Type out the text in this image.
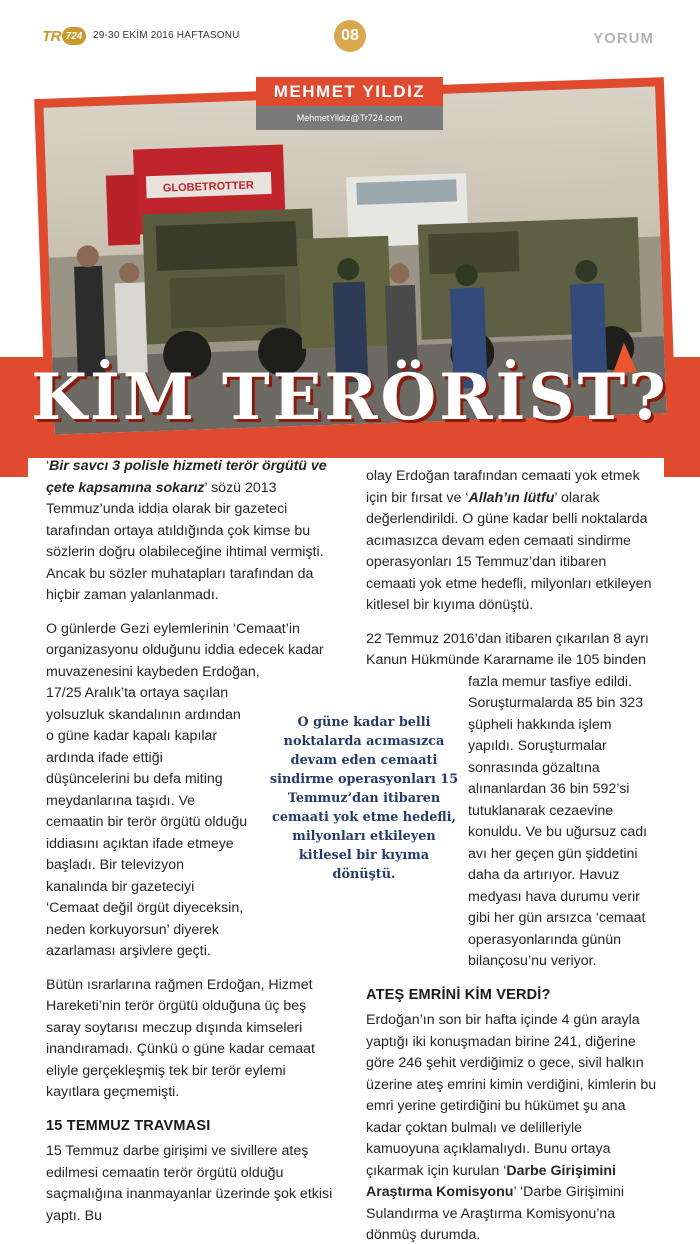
TR 724	29-30 EKİM 2016 HAFTASONU	08	YORUM
GLOBETROTTER
MEHMET YILDIZ
MehmetYildiz@Tr724.com
KİM TERÖRİST?

‘Bir savcı 3 polisle hizmeti terör örgütü ve çete kapsamına sokarız’ sözü 2013 Temmuz’unda iddia olarak bir gazeteci tarafından ortaya atıldığında çok kimse bu sözlerin doğru olabileceğine ihtimal vermişti. Ancak bu sözler muhatapları tarafından da hiçbir zaman yalanlanmadı.

O günlerde Gezi eylemlerinin ‘Cemaat’in organizasyonu olduğunu iddia edecek kadar muvazenesini kaybeden Erdoğan,

17/25 Aralık’ta ortaya saçılan yolsuzluk skandalının ardından o güne kadar kapalı kapılar ardında ifade ettiği düşüncelerini bu defa miting meydanlarına taşıdı. Ve cemaatin bir terör örgütü olduğu iddiasını açıktan ifade etmeye başladı. Bir televizyon kanalında bir gazeteciyi ‘Cemaat değil örgüt diyeceksin, neden korkuyorsun’ diyerek azarlaması arşivlere geçti.

Bütün ısrarlarına rağmen Erdoğan, Hizmet Hareketi’nin terör örgütü olduğuna üç beş saray soytarısı meczup dışında kimseleri inandıramadı. Çünkü o güne kadar cemaat eliyle gerçekleşmiş tek bir terör eylemi kayıtlara geçmemişti.

15 TEMMUZ TRAVMASI

15 Temmuz darbe girişimi ve sivillere ateş edilmesi cemaatin terör örgütü olduğu saçmalığına inanmayanlar üzerinde şok etkisi yaptı. Bu

O güne kadar belli noktalarda acımasızca devam eden cemaati sindirme operasyonları 15 Temmuz’dan itibaren cemaati yok etme hedefli, milyonları etkileyen kitlesel bir kıyıma dönüştü.

olay Erdoğan tarafından cemaati yok etmek için bir fırsat ve ‘Allah’ın lütfu’ olarak değerlendirildi. O güne kadar belli noktalarda acımasızca devam eden cemaati sindirme operasyonları 15 Temmuz’dan itibaren cemaati yok etme hedefli, milyonları etkileyen kitlesel bir kıyıma dönüştü.

22 Temmuz 2016’dan itibaren çıkarılan 8 ayrı Kanun Hükmünde Kararname ile 105 binden

fazla memur tasfiye edildi. Soruşturmalarda 85 bin 323 şüpheli hakkında işlem yapıldı. Soruşturmalar sonrasında gözaltına alınanlardan 36 bin 592’si tutuklanarak cezaevine konuldu. Ve bu uğursuz cadı avı her geçen gün şiddetini daha da artırıyor. Havuz medyası hava durumu verir gibi her gün arsızca ‘cemaat operasyonlarında günün bilançosu’nu veriyor.

ATEŞ EMRİNİ KİM VERDİ?

Erdoğan’ın son bir hafta içinde 4 gün arayla yaptığı iki konuşmadan birine 241, diğerine göre 246 şehit verdiğimiz o gece, sivil halkın üzerine ateş emrini kimin verdiğini, kimlerin bu emri yerine getirdiğini bu hükümet şu ana kadar çoktan bulmalı ve delilleriyle kamuoyuna açıklamalıydı. Bunu ortaya çıkarmak için kurulan ‘Darbe Girişimini Araştırma Komisyonu’ ‘Darbe Girişimini Sulandırma ve Araştırma Komisyonu’na dönmüş durumda.
